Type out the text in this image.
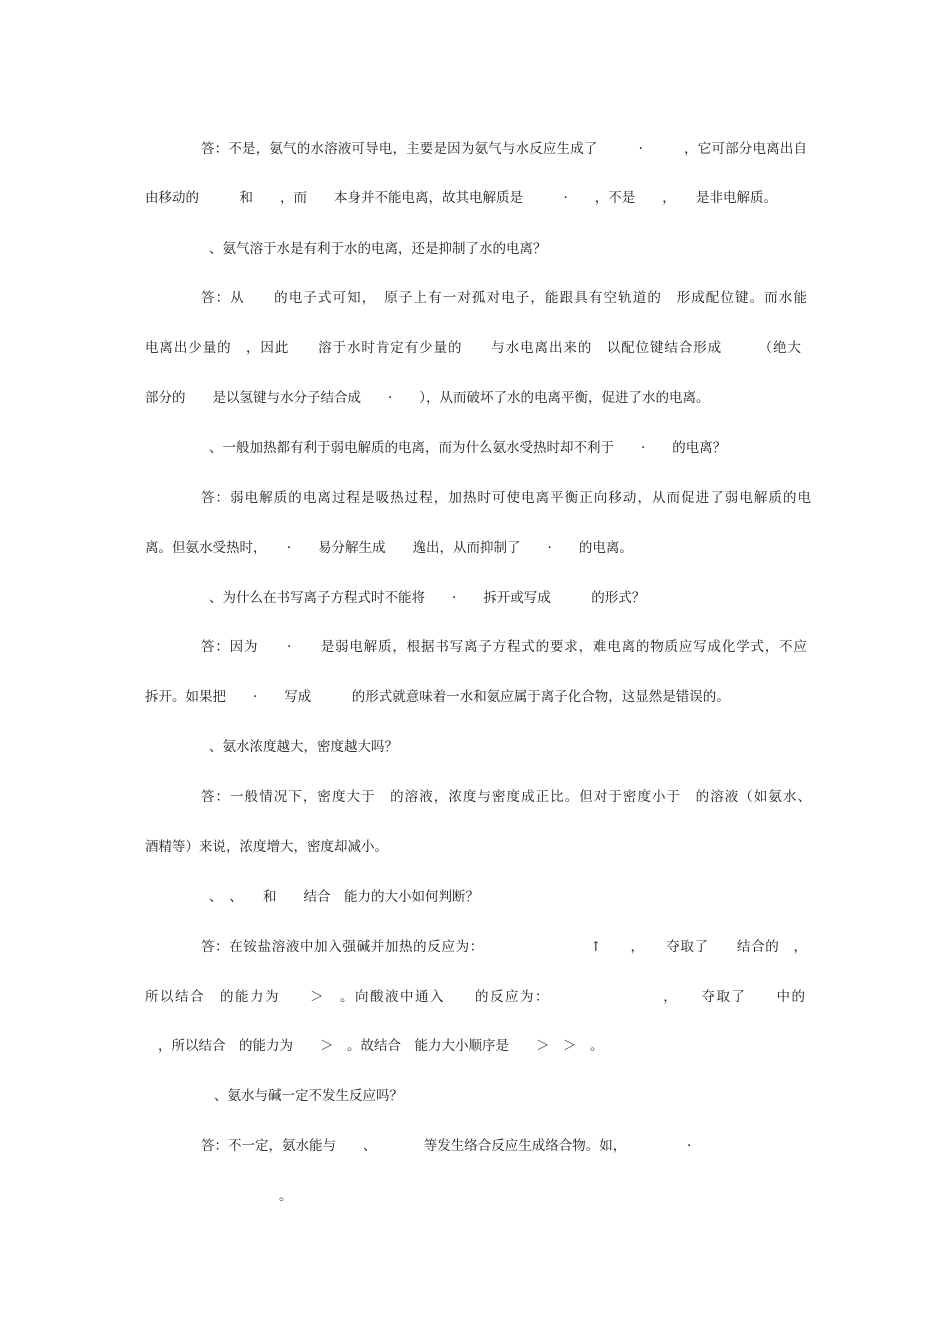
答：不是，氨气的水溶液可导电，主要是因为氨气与水反应生成了　　　·　　　，它可部分电离出自
由移动的　　　和　　，而　　本身并不能电离，故其电解质是　　　·　　，不是　　，　　是非电解质。
、氨气溶于水是有利于水的电离，还是抑制了水的电离？
答：从　　的电子式可知，　原子上有一对孤对电子，能跟具有空轨道的　形成配位键。而水能
电离出少量的　，因此　　溶于水时肯定有少量的　　与水电离出来的　以配位键结合形成　　　（绝大
部分的　　是以氢键与水分子结合成　　·　　），从而破坏了水的电离平衡，促进了水的电离。
、一般加热都有利于弱电解质的电离，而为什么氨水受热时却不利于　　·　　的电离？
答：弱电解质的电离过程是吸热过程，加热时可使电离平衡正向移动，从而促进了弱电解质的电
离。但氨水受热时，　　·　　易分解生成　　逸出，从而抑制了　　·　　的电离。
、为什么在书写离子方程式时不能将　　·　　拆开或写成　　　的形式？
答：因为　　·　　是弱电解质，根据书写离子方程式的要求，难电离的物质应写成化学式，不应
拆开。如果把　　·　　写成　　　的形式就意味着一水和氨应属于离子化合物，这显然是错误的。
、氨水浓度越大，密度越大吗？
答：一般情况下，密度大于　的溶液，浓度与密度成正比。但对于密度小于　的溶液（如氨水、
酒精等）来说，浓度增大，密度却减小。
、　、　　和　　结合　能力的大小如何判断？
答：在铵盐溶液中加入强碱并加热的反应为：　　　　　　　　↑　　，　　夺取了　　结合的　，
所以结合　的能力为　　＞　。向酸液中通入　　的反应为：　　　　　　　　，　　夺取了　　中的
，所以结合　的能力为　　＞　。故结合　能力大小顺序是　　＞　＞　。
、氨水与碱一定不发生反应吗？
答：不一定，氨水能与　　、　　　　等发生络合反应生成络合物。如，　　　　　·
。
